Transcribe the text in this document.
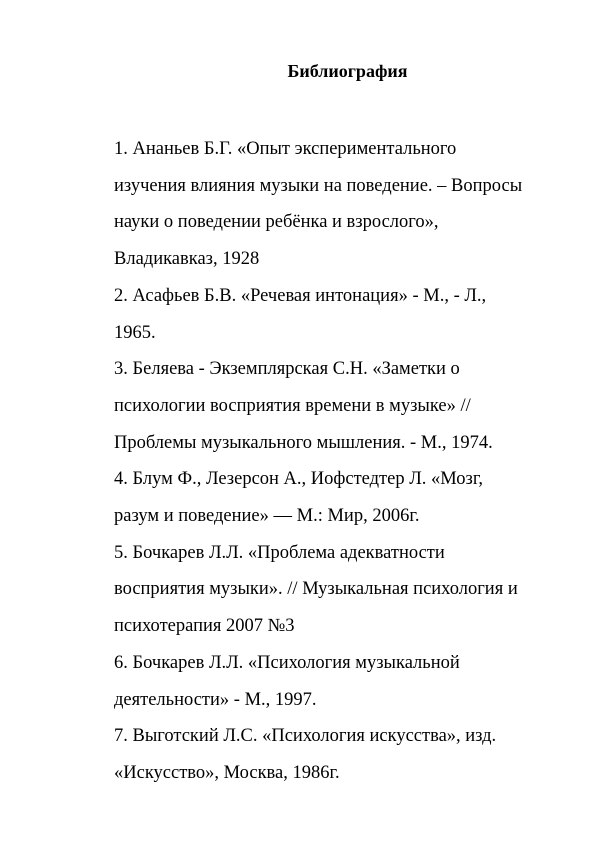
Библиография
1. Ананьев Б.Г. «Опыт экспериментального
изучения влияния музыки на поведение. – Вопросы
науки о поведении ребёнка и взрослого»,
Владикавказ, 1928
2. Асафьев Б.В. «Речевая интонация» - М., - Л.,
1965.
3. Беляева - Экземплярская С.Н. «Заметки о
психологии восприятия времени в музыке» //
Проблемы музыкального мышления. - М., 1974.
4. Блум Ф., Лезерсон А., Иофстедтер Л. «Мозг,
разум и поведение» — М.: Мир, 2006г.
5. Бочкарев Л.Л. «Проблема адекватности
восприятия музыки». // Музыкальная психология и
психотерапия 2007 №3
6. Бочкарев Л.Л. «Психология музыкальной
деятельности» - М., 1997.
7. Выготский Л.С. «Психология искусства», изд.
«Искусство», Москва, 1986г.
